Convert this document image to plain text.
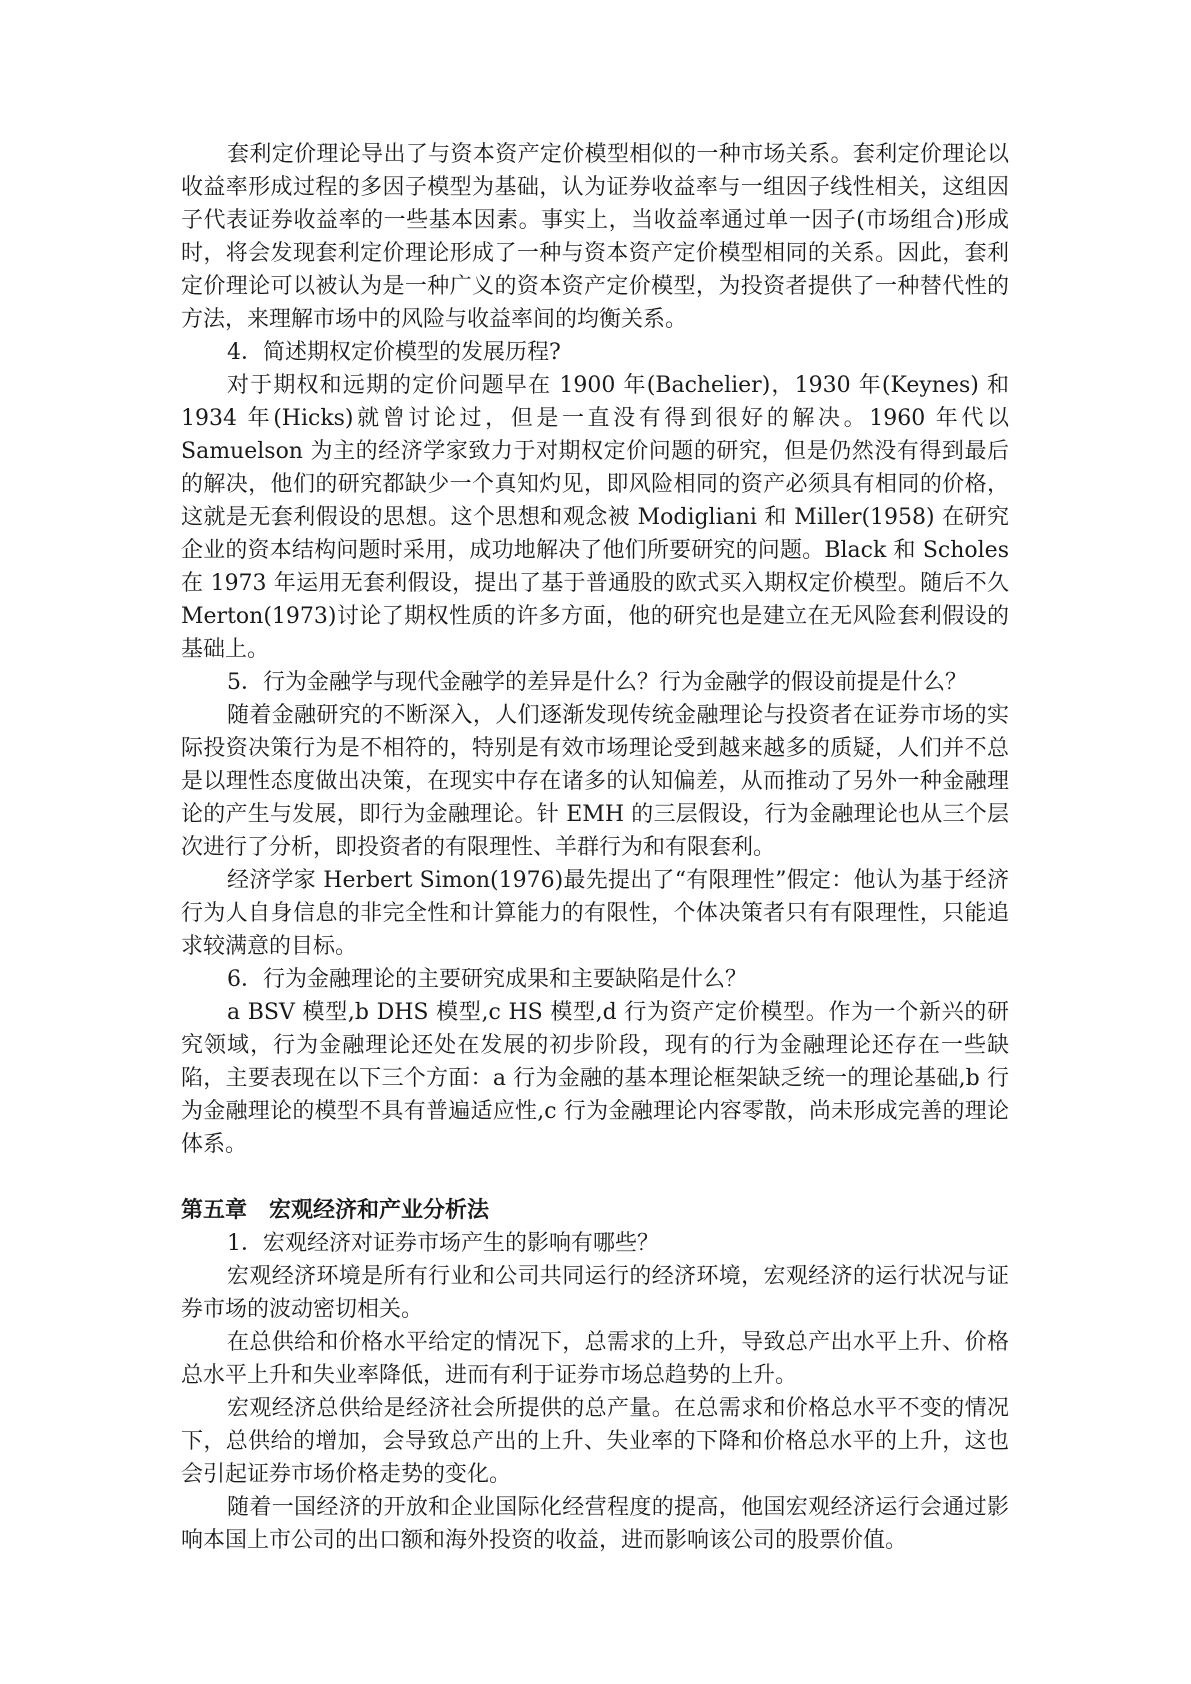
套利定价理论导出了与资本资产定价模型相似的一种市场关系。套利定价理论以收益率形成过程的多因子模型为基础，认为证券收益率与一组因子线性相关，这组因子代表证券收益率的一些基本因素。事实上，当收益率通过单一因子(市场组合)形成时，将会发现套利定价理论形成了一种与资本资产定价模型相同的关系。因此，套利定价理论可以被认为是一种广义的资本资产定价模型，为投资者提供了一种替代性的方法，来理解市场中的风险与收益率间的均衡关系。

4．简述期权定价模型的发展历程?

对于期权和远期的定价问题早在 1900 年(Bachelier)，1930 年(Keynes) 和 1934 年(Hicks)就曾讨论过，但是一直没有得到很好的解决。1960 年代以 Samuelson 为主的经济学家致力于对期权定价问题的研究，但是仍然没有得到最后的解决，他们的研究都缺少一个真知灼见，即风险相同的资产必须具有相同的价格，这就是无套利假设的思想。这个思想和观念被 Modigliani 和 Miller(1958) 在研究企业的资本结构问题时采用，成功地解决了他们所要研究的问题。Black 和 Scholes 在 1973 年运用无套利假设，提出了基于普通股的欧式买入期权定价模型。随后不久 Merton(1973)讨论了期权性质的许多方面，他的研究也是建立在无风险套利假设的基础上。

5．行为金融学与现代金融学的差异是什么？行为金融学的假设前提是什么？

随着金融研究的不断深入，人们逐渐发现传统金融理论与投资者在证券市场的实际投资决策行为是不相符的，特别是有效市场理论受到越来越多的质疑，人们并不总是以理性态度做出决策，在现实中存在诸多的认知偏差，从而推动了另外一种金融理论的产生与发展，即行为金融理论。针 EMH 的三层假设，行为金融理论也从三个层次进行了分析，即投资者的有限理性、羊群行为和有限套利。

经济学家 Herbert Simon(1976)最先提出了“有限理性”假定：他认为基于经济行为人自身信息的非完全性和计算能力的有限性，个体决策者只有有限理性，只能追求较满意的目标。

6．行为金融理论的主要研究成果和主要缺陷是什么？

a BSV 模型,b DHS 模型,c HS 模型,d 行为资产定价模型。作为一个新兴的研究领域，行为金融理论还处在发展的初步阶段，现有的行为金融理论还存在一些缺陷，主要表现在以下三个方面：a 行为金融的基本理论框架缺乏统一的理论基础,b 行为金融理论的模型不具有普遍适应性,c 行为金融理论内容零散，尚未形成完善的理论体系。

第五章　宏观经济和产业分析法

1．宏观经济对证券市场产生的影响有哪些？

宏观经济环境是所有行业和公司共同运行的经济环境，宏观经济的运行状况与证券市场的波动密切相关。

在总供给和价格水平给定的情况下，总需求的上升，导致总产出水平上升、价格总水平上升和失业率降低，进而有利于证券市场总趋势的上升。

宏观经济总供给是经济社会所提供的总产量。在总需求和价格总水平不变的情况下，总供给的增加，会导致总产出的上升、失业率的下降和价格总水平的上升，这也会引起证券市场价格走势的变化。

随着一国经济的开放和企业国际化经营程度的提高，他国宏观经济运行会通过影响本国上市公司的出口额和海外投资的收益，进而影响该公司的股票价值。
